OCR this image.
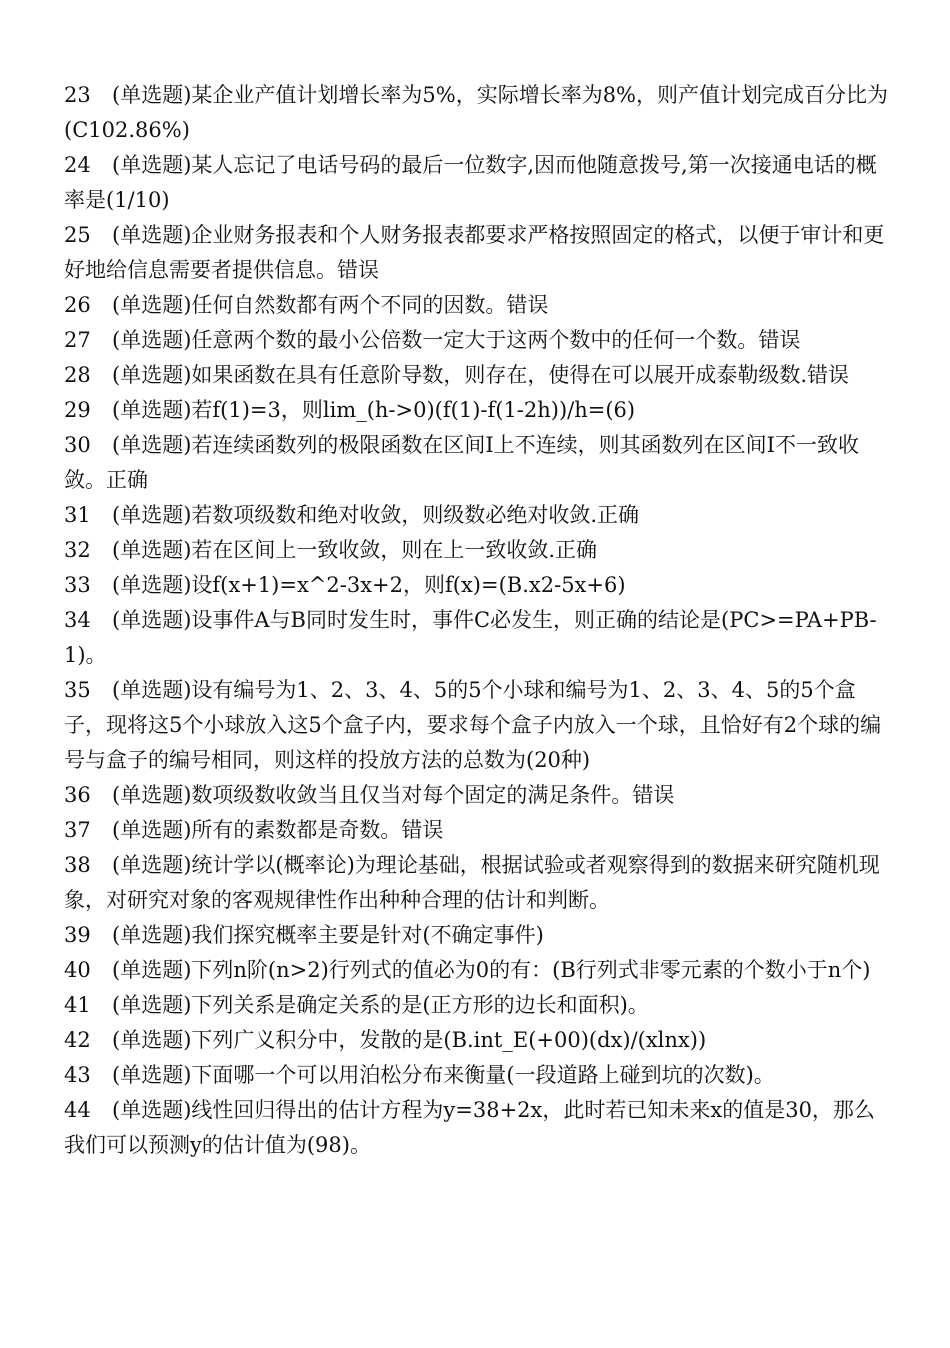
23 (单选题)某企业产值计划增长率为5%，实际增长率为8%，则产值计划完成百分比为(C102.86%)

24 (单选题)某人忘记了电话号码的最后一位数字,因而他随意拨号,第一次接通电话的概率是(1/10)

25 (单选题)企业财务报表和个人财务报表都要求严格按照固定的格式，以便于审计和更好地给信息需要者提供信息。错误

26 (单选题)任何自然数都有两个不同的因数。错误

27 (单选题)任意两个数的最小公倍数一定大于这两个数中的任何一个数。错误

28 (单选题)如果函数在具有任意阶导数，则存在，使得在可以展开成泰勒级数.错误

29 (单选题)若f(1)=3，则lim_(h->0)(f(1)-f(1-2h))/h=(6)

30 (单选题)若连续函数列的极限函数在区间I上不连续，则其函数列在区间I不一致收敛。正确

31 (单选题)若数项级数和绝对收敛，则级数必绝对收敛.正确

32 (单选题)若在区间上一致收敛，则在上一致收敛.正确

33 (单选题)设f(x+1)=x^2-3x+2，则f(x)=(B.x2-5x+6)

34 (单选题)设事件A与B同时发生时，事件C必发生，则正确的结论是(PC>=PA+PB-1)。

35 (单选题)设有编号为1、2、3、4、5的5个小球和编号为1、2、3、4、5的5个盒子，现将这5个小球放入这5个盒子内，要求每个盒子内放入一个球，且恰好有2个球的编号与盒子的编号相同，则这样的投放方法的总数为(20种)

36 (单选题)数项级数收敛当且仅当对每个固定的满足条件。错误

37 (单选题)所有的素数都是奇数。错误

38 (单选题)统计学以(概率论)为理论基础，根据试验或者观察得到的数据来研究随机现象，对研究对象的客观规律性作出种种合理的估计和判断。

39 (单选题)我们探究概率主要是针对(不确定事件)

40 (单选题)下列n阶(n>2)行列式的值必为0的有：(B行列式非零元素的个数小于n个)

41 (单选题)下列关系是确定关系的是(正方形的边长和面积)。

42 (单选题)下列广义积分中，发散的是(B.int_E(+00)(dx)/(xlnx))

43 (单选题)下面哪一个可以用泊松分布来衡量(一段道路上碰到坑的次数)。

44 (单选题)线性回归得出的估计方程为y=38+2x，此时若已知未来x的值是30，那么我们可以预测y的估计值为(98)。
